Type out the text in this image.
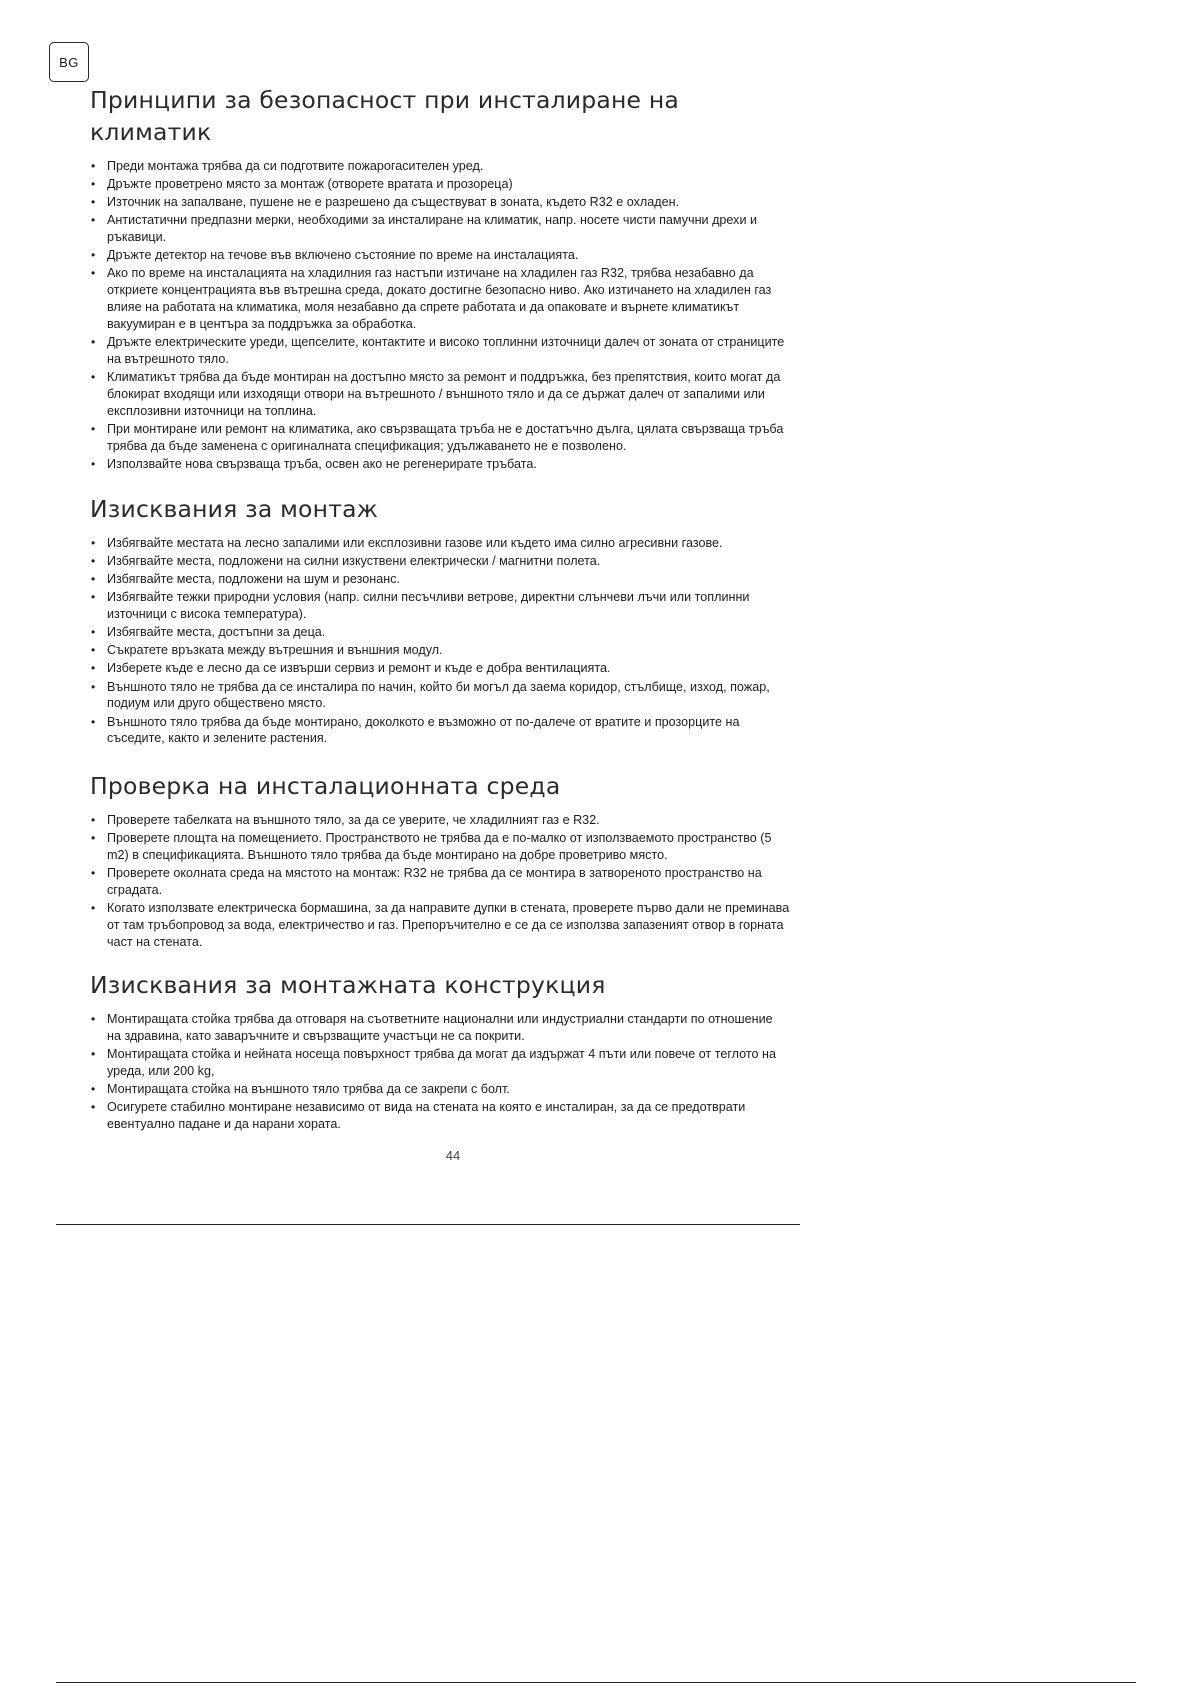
BG
Принципи за безопасност при инсталиране на климатик
• Преди монтажа трябва да си подготвите пожарогасителен уред.
• Дръжте проветрено място за монтаж (отворете вратата и прозореца)
• Източник на запалване, пушене не е разрешено да съществуват в зоната, където R32 е охладен.
• Антистатични предпазни мерки, необходими за инсталиране на климатик, напр. носете чисти памучни дрехи и ръкавици.
• Дръжте детектор на течове във включено състояние по време на инсталацията.
• Ако по време на инсталацията на хладилния газ настъпи изтичане на хладилен газ R32, трябва незабавно да откриете концентрацията във вътрешна среда, докато достигне безопасно ниво. Ако изтичането на хладилен газ влияе на работата на климатика, моля незабавно да спрете работата и да опаковате и върнете климатикът вакуумиран е в центъра за поддръжка за обработка.
• Дръжте електрическите уреди, щепселите, контактите и високо топлинни източници далеч от зоната от страниците на вътрешното тяло.
• Климатикът трябва да бъде монтиран на достъпно място за ремонт и поддръжка, без препятствия, които могат да блокират входящи или изходящи отвори на вътрешното / външното тяло и да се държат далеч от запалими или експлозивни източници на топлина.
• При монтиране или ремонт на климатика, ако свързващата тръба не е достатъчно дълга, цялата свързваща тръба трябва да бъде заменена с оригиналната спецификация; удължаването не е позволено.
• Използвайте нова свързваща тръба, освен ако не регенерирате тръбата.
Изисквания за монтаж
• Избягвайте местата на лесно запалими или експлозивни газове или където има силно агресивни газове.
• Избягвайте места, подложени на силни изкуствени електрически / магнитни полета.
• Избягвайте места, подложени на шум и резонанс.
• Избягвайте тежки природни условия (напр. силни песъчливи ветрове, директни слънчеви лъчи или топлинни източници с висока температура).
• Избягвайте места, достъпни за деца.
• Съкратете връзката между вътрешния и външния модул.
• Изберете къде е лесно да се извърши сервиз и ремонт и къде е добра вентилацията.
• Външното тяло не трябва да се инсталира по начин, който би могъл да заема коридор, стълбище, изход, пожар, подиум или друго обществено място.
• Външното тяло трябва да бъде монтирано, доколкото е възможно от по-далече от вратите и прозорците на съседите, както и зелените растения.
Проверка на инсталационната среда
• Проверете табелката на външното тяло, за да се уверите, че хладилният газ е R32.
• Проверете площта на помещението. Пространството не трябва да е по-малко от използваемото пространство (5 m2) в спецификацията. Външното тяло трябва да бъде монтирано на добре проветриво място.
• Проверете околната среда на мястото на монтаж: R32 не трябва да се монтира в затвореното пространство на сградата.
• Когато използвате електрическа бормашина, за да направите дупки в стената, проверете първо дали не преминава от там тръбопровод за вода, електричество и газ. Препоръчително е се да се използва запазеният отвор в горната част на стената.
Изисквания за монтажната конструкция
• Монтиращата стойка трябва да отговаря на съответните национални или индустриални стандарти по отношение на здравина, като заваръчните и свързващите участъци не са покрити.
• Монтиращата стойка и нейната носеща повърхност трябва да могат да издържат 4 пъти или повече от теглото на уреда, или 200 kg,
• Монтиращата стойка на външното тяло трябва да се закрепи с болт.
• Осигурете стабилно монтиране независимо от вида на стената на която е инсталиран, за да се предотврати евентуално падане и да нарани хората.
44
